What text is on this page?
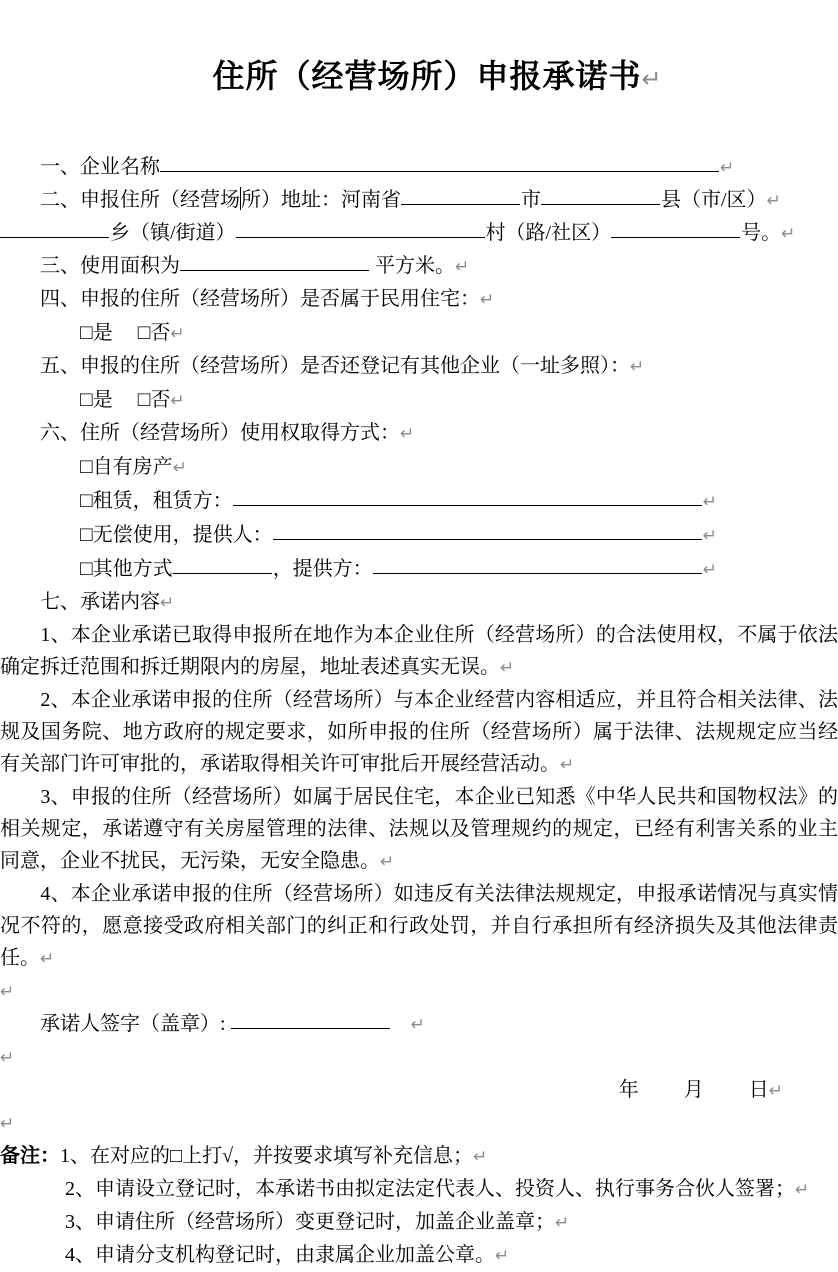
住所（经营场所）申报承诺书↵

　　一、企业名称	↵
　　二、申报住所（经营场所）地址：河南省	市	县（市/区）↵
乡（镇/街道）	村（路/社区）	号。↵
　　三、使用面积为	平方米。↵
　　四、申报的住所（经营场所）是否属于民用住宅：↵
　　　　□是　 □否↵
　　五、申报的住所（经营场所）是否还登记有其他企业（一址多照）：↵
　　　　□是　 □否↵
　　六、住所（经营场所）使用权取得方式：↵
　　　　□自有房产↵
　　　　□租赁，租赁方：	↵
　　　　□无偿使用，提供人：	↵
　　　　□其他方式	，提供方：	↵
　　七、承诺内容↵
　　1、本企业承诺已取得申报所在地作为本企业住所（经营场所）的合法使用权，不属于依法确定拆迁范围和拆迁期限内的房屋，地址表述真实无误。↵
　　2、本企业承诺申报的住所（经营场所）与本企业经营内容相适应，并且符合相关法律、法规及国务院、地方政府的规定要求，如所申报的住所（经营场所）属于法律、法规规定应当经有关部门许可审批的，承诺取得相关许可审批后开展经营活动。↵
　　3、申报的住所（经营场所）如属于居民住宅，本企业已知悉《中华人民共和国物权法》的相关规定，承诺遵守有关房屋管理的法律、法规以及管理规约的规定，已经有利害关系的业主同意，企业不扰民，无污染，无安全隐患。↵
　　4、本企业承诺申报的住所（经营场所）如违反有关法律法规规定，申报承诺情况与真实情况不符的，愿意接受政府相关部门的纠正和行政处罚，并自行承担所有经济损失及其他法律责任。↵
↵
　　承诺人签字（盖章）: 　	↵
↵
年　　 月　　 日↵
↵
备注：1、在对应的□上打√，并按要求填写补充信息；↵
　　　 2、申请设立登记时，本承诺书由拟定法定代表人、投资人、执行事务合伙人签署；↵
　　　 3、申请住所（经营场所）变更登记时，加盖企业盖章；↵
　　　 4、申请分支机构登记时，由隶属企业加盖公章。↵
